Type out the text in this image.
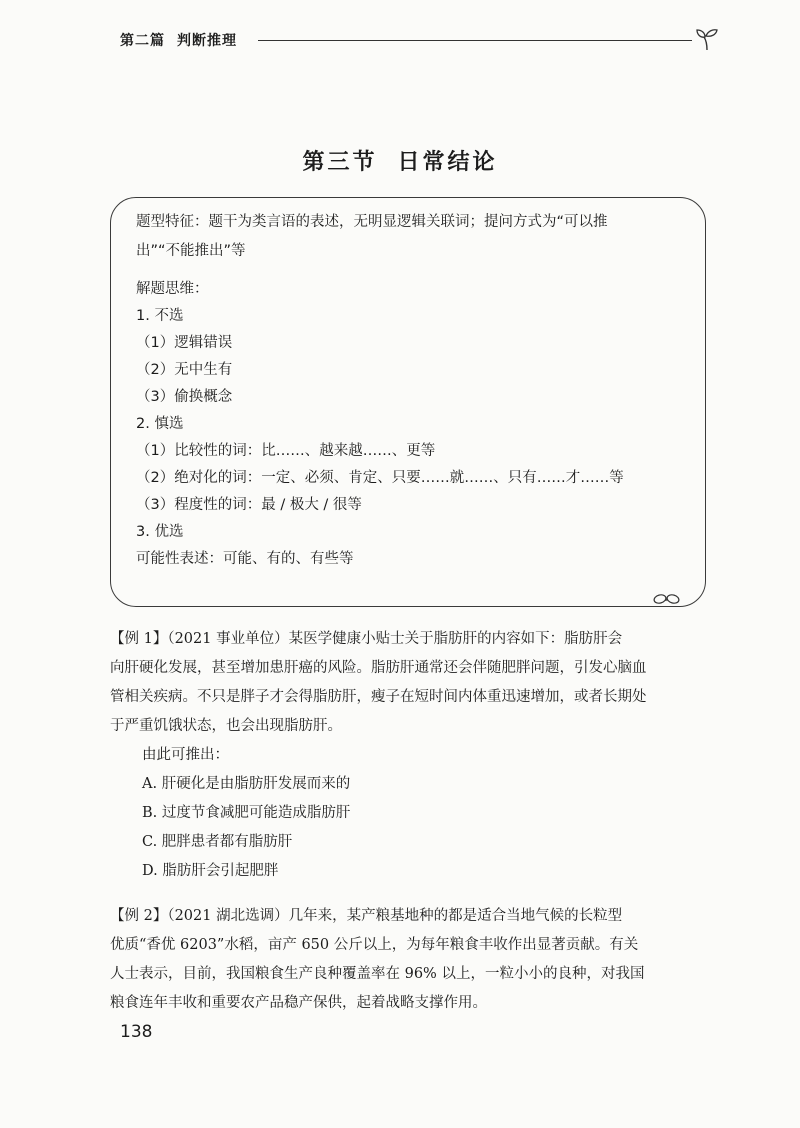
第二篇 判断推理
第三节 日常结论

题型特征：题干为类言语的表述，无明显逻辑关联词；提问方式为“可以推

出”“不能推出”等

解题思维：

1. 不选

（1）逻辑错误

（2）无中生有

（3）偷换概念

2. 慎选

（1）比较性的词：比……、越来越……、更等

（2）绝对化的词：一定、必须、肯定、只要……就……、只有……才……等

（3）程度性的词：最 / 极大 / 很等

3. 优选

可能性表述：可能、有的、有些等

【例 1】（2021 事业单位）某医学健康小贴士关于脂肪肝的内容如下：脂肪肝会

向肝硬化发展，甚至增加患肝癌的风险。脂肪肝通常还会伴随肥胖问题，引发心脑血

管相关疾病。不只是胖子才会得脂肪肝，瘦子在短时间内体重迅速增加，或者长期处

于严重饥饿状态，也会出现脂肪肝。

由此可推出：

A. 肝硬化是由脂肪肝发展而来的

B. 过度节食减肥可能造成脂肪肝

C. 肥胖患者都有脂肪肝

D. 脂肪肝会引起肥胖

【例 2】（2021 湖北选调）几年来，某产粮基地种的都是适合当地气候的长粒型

优质“香优 6203”水稻，亩产 650 公斤以上，为每年粮食丰收作出显著贡献。有关

人士表示，目前，我国粮食生产良种覆盖率在 96% 以上，一粒小小的良种，对我国

粮食连年丰收和重要农产品稳产保供，起着战略支撑作用。

138
